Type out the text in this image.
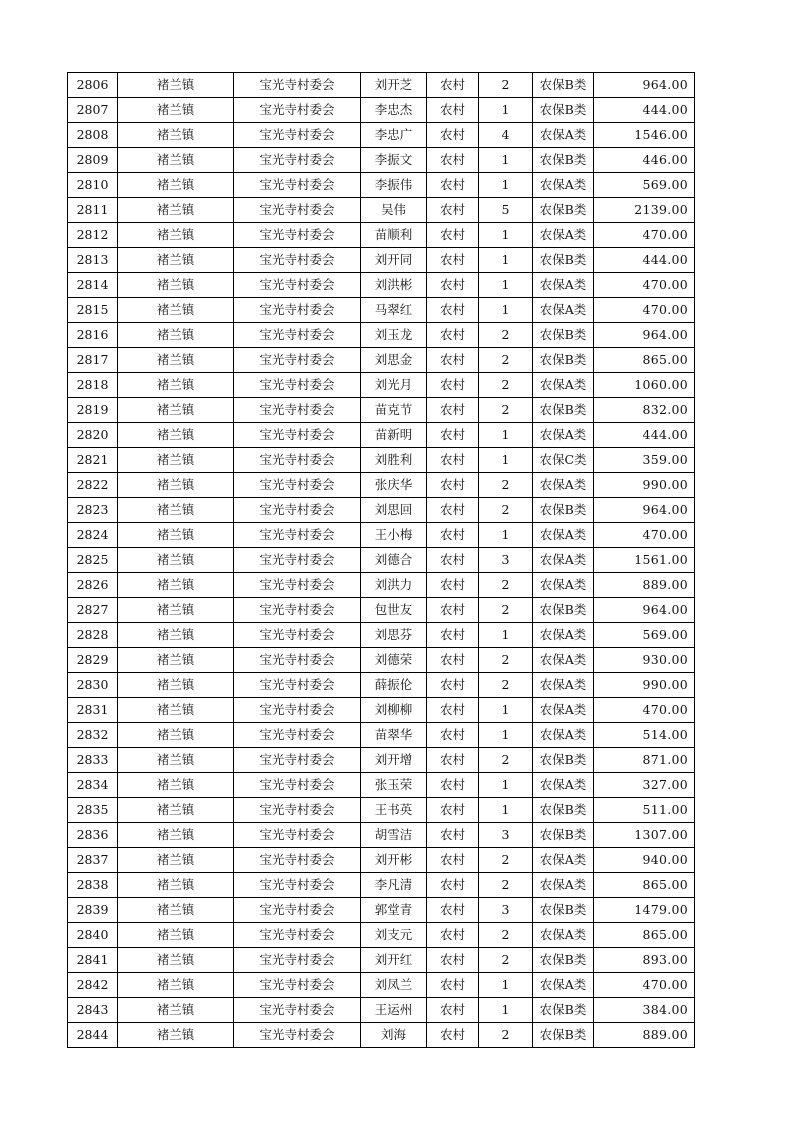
2806	褚兰镇	宝光寺村委会	刘开芝	农村	2	农保B类	964.00
2807	褚兰镇	宝光寺村委会	李忠杰	农村	1	农保B类	444.00
2808	褚兰镇	宝光寺村委会	李忠广	农村	4	农保A类	1546.00
2809	褚兰镇	宝光寺村委会	李振文	农村	1	农保B类	446.00
2810	褚兰镇	宝光寺村委会	李振伟	农村	1	农保A类	569.00
2811	褚兰镇	宝光寺村委会	吴伟	农村	5	农保B类	2139.00
2812	褚兰镇	宝光寺村委会	苗顺利	农村	1	农保A类	470.00
2813	褚兰镇	宝光寺村委会	刘开同	农村	1	农保B类	444.00
2814	褚兰镇	宝光寺村委会	刘洪彬	农村	1	农保A类	470.00
2815	褚兰镇	宝光寺村委会	马翠红	农村	1	农保A类	470.00
2816	褚兰镇	宝光寺村委会	刘玉龙	农村	2	农保B类	964.00
2817	褚兰镇	宝光寺村委会	刘思金	农村	2	农保B类	865.00
2818	褚兰镇	宝光寺村委会	刘光月	农村	2	农保A类	1060.00
2819	褚兰镇	宝光寺村委会	苗克节	农村	2	农保B类	832.00
2820	褚兰镇	宝光寺村委会	苗新明	农村	1	农保A类	444.00
2821	褚兰镇	宝光寺村委会	刘胜利	农村	1	农保C类	359.00
2822	褚兰镇	宝光寺村委会	张庆华	农村	2	农保A类	990.00
2823	褚兰镇	宝光寺村委会	刘思回	农村	2	农保B类	964.00
2824	褚兰镇	宝光寺村委会	王小梅	农村	1	农保A类	470.00
2825	褚兰镇	宝光寺村委会	刘德合	农村	3	农保A类	1561.00
2826	褚兰镇	宝光寺村委会	刘洪力	农村	2	农保A类	889.00
2827	褚兰镇	宝光寺村委会	包世友	农村	2	农保B类	964.00
2828	褚兰镇	宝光寺村委会	刘思芬	农村	1	农保A类	569.00
2829	褚兰镇	宝光寺村委会	刘德荣	农村	2	农保A类	930.00
2830	褚兰镇	宝光寺村委会	薛振伦	农村	2	农保A类	990.00
2831	褚兰镇	宝光寺村委会	刘柳柳	农村	1	农保A类	470.00
2832	褚兰镇	宝光寺村委会	苗翠华	农村	1	农保A类	514.00
2833	褚兰镇	宝光寺村委会	刘开增	农村	2	农保B类	871.00
2834	褚兰镇	宝光寺村委会	张玉荣	农村	1	农保A类	327.00
2835	褚兰镇	宝光寺村委会	王书英	农村	1	农保B类	511.00
2836	褚兰镇	宝光寺村委会	胡雪洁	农村	3	农保B类	1307.00
2837	褚兰镇	宝光寺村委会	刘开彬	农村	2	农保A类	940.00
2838	褚兰镇	宝光寺村委会	李凡清	农村	2	农保A类	865.00
2839	褚兰镇	宝光寺村委会	郭堂青	农村	3	农保B类	1479.00
2840	褚兰镇	宝光寺村委会	刘支元	农村	2	农保A类	865.00
2841	褚兰镇	宝光寺村委会	刘开红	农村	2	农保B类	893.00
2842	褚兰镇	宝光寺村委会	刘凤兰	农村	1	农保A类	470.00
2843	褚兰镇	宝光寺村委会	王运州	农村	1	农保B类	384.00
2844	褚兰镇	宝光寺村委会	刘海	农村	2	农保B类	889.00
